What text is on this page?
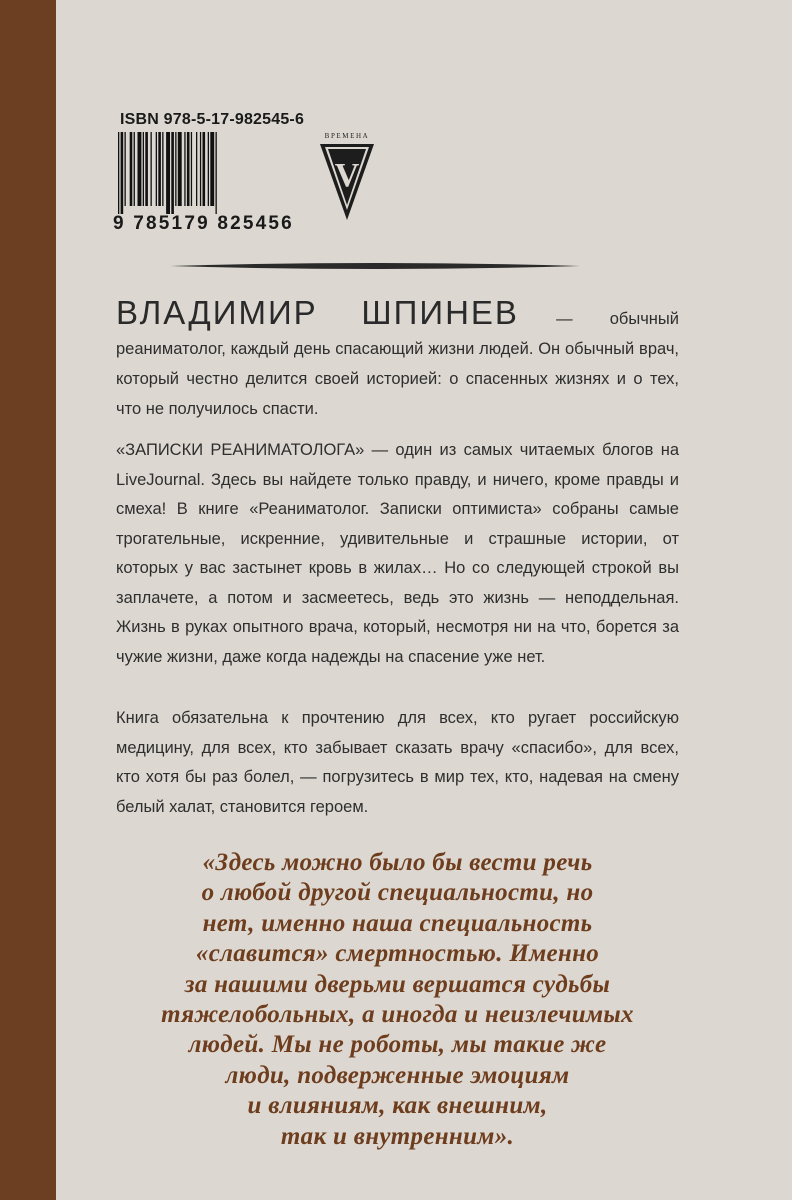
ISBN 978-5-17-982545-6
9 785179 825456
ВРЕМЕНА
V

ВЛАДИМИР ШПИНЕВ — обычный реаниматолог, каждый день спасающий жизни людей. Он обычный врач, который честно делится своей историей: о спасенных жизнях и о тех, что не получилось спасти.

«ЗАПИСКИ РЕАНИМАТОЛОГА» — один из самых читаемых блогов на LiveJournal. Здесь вы найдете только правду, и ничего, кроме правды и смеха! В книге «Реаниматолог. Записки оптимиста» собраны самые трогательные, искренние, удивительные и страшные истории, от которых у вас застынет кровь в жилах… Но со следующей строкой вы заплачете, а потом и засмеетесь, ведь это жизнь — неподдельная. Жизнь в руках опытного врача, который, несмотря ни на что, борется за чужие жизни, даже когда надежды на спасение уже нет.

Книга обязательна к прочтению для всех, кто ругает российскую медицину, для всех, кто забывает сказать врачу «спасибо», для всех, кто хотя бы раз болел, — погрузитесь в мир тех, кто, надевая на смену белый халат, становится героем.

«Здесь можно было бы вести речь
о любой другой специальности, но
нет, именно наша специальность
«славится» смертностью. Именно
за нашими дверьми вершатся судьбы
тяжелобольных, а иногда и неизлечимых
людей. Мы не роботы, мы такие же
люди, подверженные эмоциям
и влияниям, как внешним,
так и внутренним».
